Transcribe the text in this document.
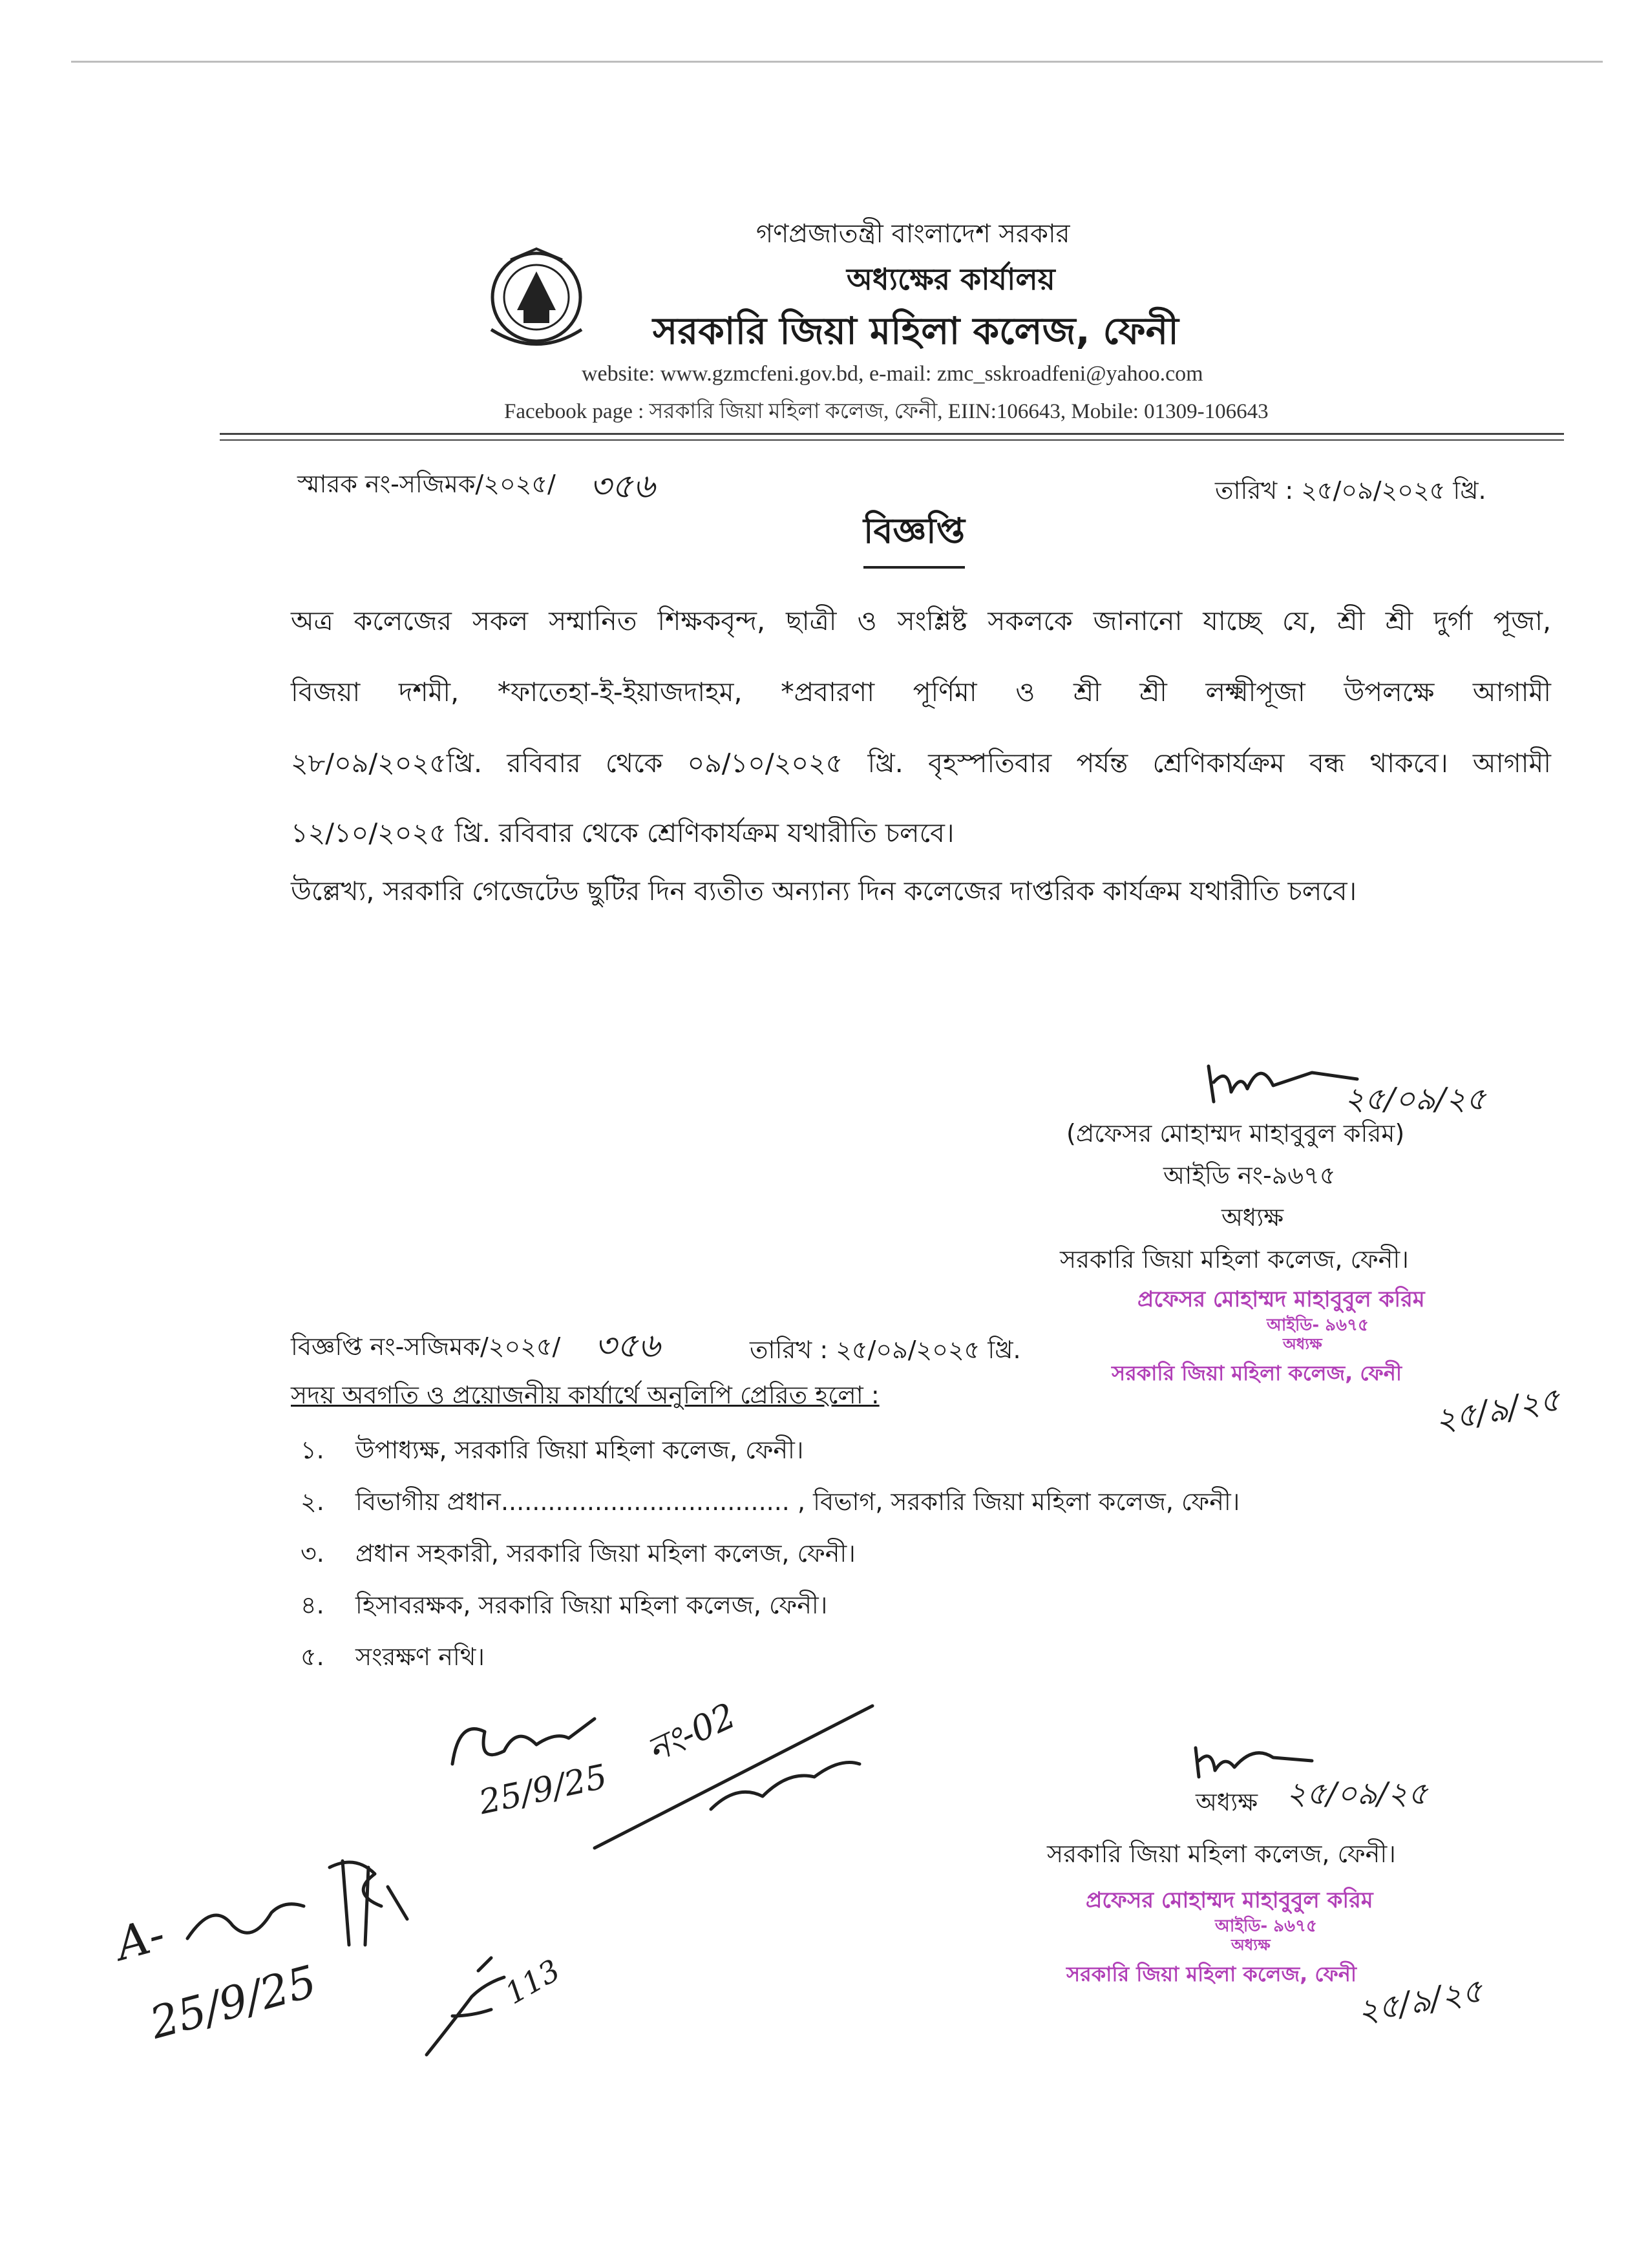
গণপ্রজাতন্ত্রী বাংলাদেশ সরকার
অধ্যক্ষের কার্যালয়
সরকারি জিয়া মহিলা কলেজ, ফেনী
website: www.gzmcfeni.gov.bd, e-mail: zmc_sskroadfeni@yahoo.com
Facebook page : সরকারি জিয়া মহিলা কলেজ, ফেনী, EIIN:106643, Mobile: 01309-106643
স্মারক নং-সজিমক/২০২৫/ ৩৫৬	তারিখ : ২৫/০৯/২০২৫ খ্রি.
বিজ্ঞপ্তি
অত্র কলেজের সকল সম্মানিত শিক্ষকবৃন্দ, ছাত্রী ও সংশ্লিষ্ট সকলকে জানানো যাচ্ছে যে, শ্রী শ্রী দুর্গা পূজা,
বিজয়া দশমী, *ফাতেহা-ই-ইয়াজদাহম, *প্রবারণা পূর্ণিমা ও শ্রী শ্রী লক্ষ্মীপূজা উপলক্ষে আগামী
২৮/০৯/২০২৫খ্রি. রবিবার থেকে ০৯/১০/২০২৫ খ্রি. বৃহস্পতিবার পর্যন্ত শ্রেণিকার্যক্রম বন্ধ থাকবে। আগামী
১২/১০/২০২৫ খ্রি. রবিবার থেকে শ্রেণিকার্যক্রম যথারীতি চলবে।
উল্লেখ্য, সরকারি গেজেটেড ছুটির দিন ব্যতীত অন্যান্য দিন কলেজের দাপ্তরিক কার্যক্রম যথারীতি চলবে।
২৫/০৯/২৫
(প্রফেসর মোহাম্মদ মাহাবুবুল করিম)
আইডি নং-৯৬৭৫
অধ্যক্ষ
সরকারি জিয়া মহিলা কলেজ, ফেনী।
প্রফেসর মোহাম্মদ মাহাবুবুল করিম
আইডি- ৯৬৭৫
অধ্যক্ষ
সরকারি জিয়া মহিলা কলেজ, ফেনী
২৫/৯/২৫
বিজ্ঞপ্তি নং-সজিমক/২০২৫/ ৩৫৬	তারিখ : ২৫/০৯/২০২৫ খ্রি.
সদয় অবগতি ও প্রয়োজনীয় কার্যার্থে অনুলিপি প্রেরিত হলো :
১. উপাধ্যক্ষ, সরকারি জিয়া মহিলা কলেজ, ফেনী।
২. বিভাগীয় প্রধান..................................... , বিভাগ, সরকারি জিয়া মহিলা কলেজ, ফেনী।
৩. প্রধান সহকারী, সরকারি জিয়া মহিলা কলেজ, ফেনী।
৪. হিসাবরক্ষক, সরকারি জিয়া মহিলা কলেজ, ফেনী।
৫. সংরক্ষণ নথি।
অধ্যক্ষ ২৫/০৯/২৫
সরকারি জিয়া মহিলা কলেজ, ফেনী।
প্রফেসর মোহাম্মদ মাহাবুবুল করিম
আইডি- ৯৬৭৫
অধ্যক্ষ
সরকারি জিয়া মহিলা কলেজ, ফেনী
২৫/৯/২৫
25/9/25
নং-02
113
A-
25/9/25
